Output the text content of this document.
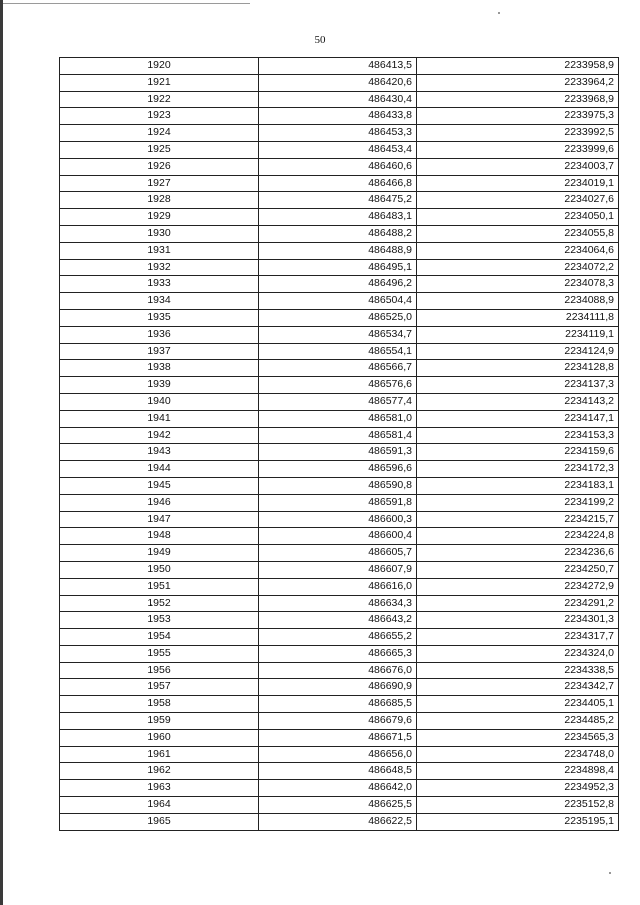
50
1920	486413,5	2233958,9
1921	486420,6	2233964,2
1922	486430,4	2233968,9
1923	486433,8	2233975,3
1924	486453,3	2233992,5
1925	486453,4	2233999,6
1926	486460,6	2234003,7
1927	486466,8	2234019,1
1928	486475,2	2234027,6
1929	486483,1	2234050,1
1930	486488,2	2234055,8
1931	486488,9	2234064,6
1932	486495,1	2234072,2
1933	486496,2	2234078,3
1934	486504,4	2234088,9
1935	486525,0	2234111,8
1936	486534,7	2234119,1
1937	486554,1	2234124,9
1938	486566,7	2234128,8
1939	486576,6	2234137,3
1940	486577,4	2234143,2
1941	486581,0	2234147,1
1942	486581,4	2234153,3
1943	486591,3	2234159,6
1944	486596,6	2234172,3
1945	486590,8	2234183,1
1946	486591,8	2234199,2
1947	486600,3	2234215,7
1948	486600,4	2234224,8
1949	486605,7	2234236,6
1950	486607,9	2234250,7
1951	486616,0	2234272,9
1952	486634,3	2234291,2
1953	486643,2	2234301,3
1954	486655,2	2234317,7
1955	486665,3	2234324,0
1956	486676,0	2234338,5
1957	486690,9	2234342,7
1958	486685,5	2234405,1
1959	486679,6	2234485,2
1960	486671,5	2234565,3
1961	486656,0	2234748,0
1962	486648,5	2234898,4
1963	486642,0	2234952,3
1964	486625,5	2235152,8
1965	486622,5	2235195,1
